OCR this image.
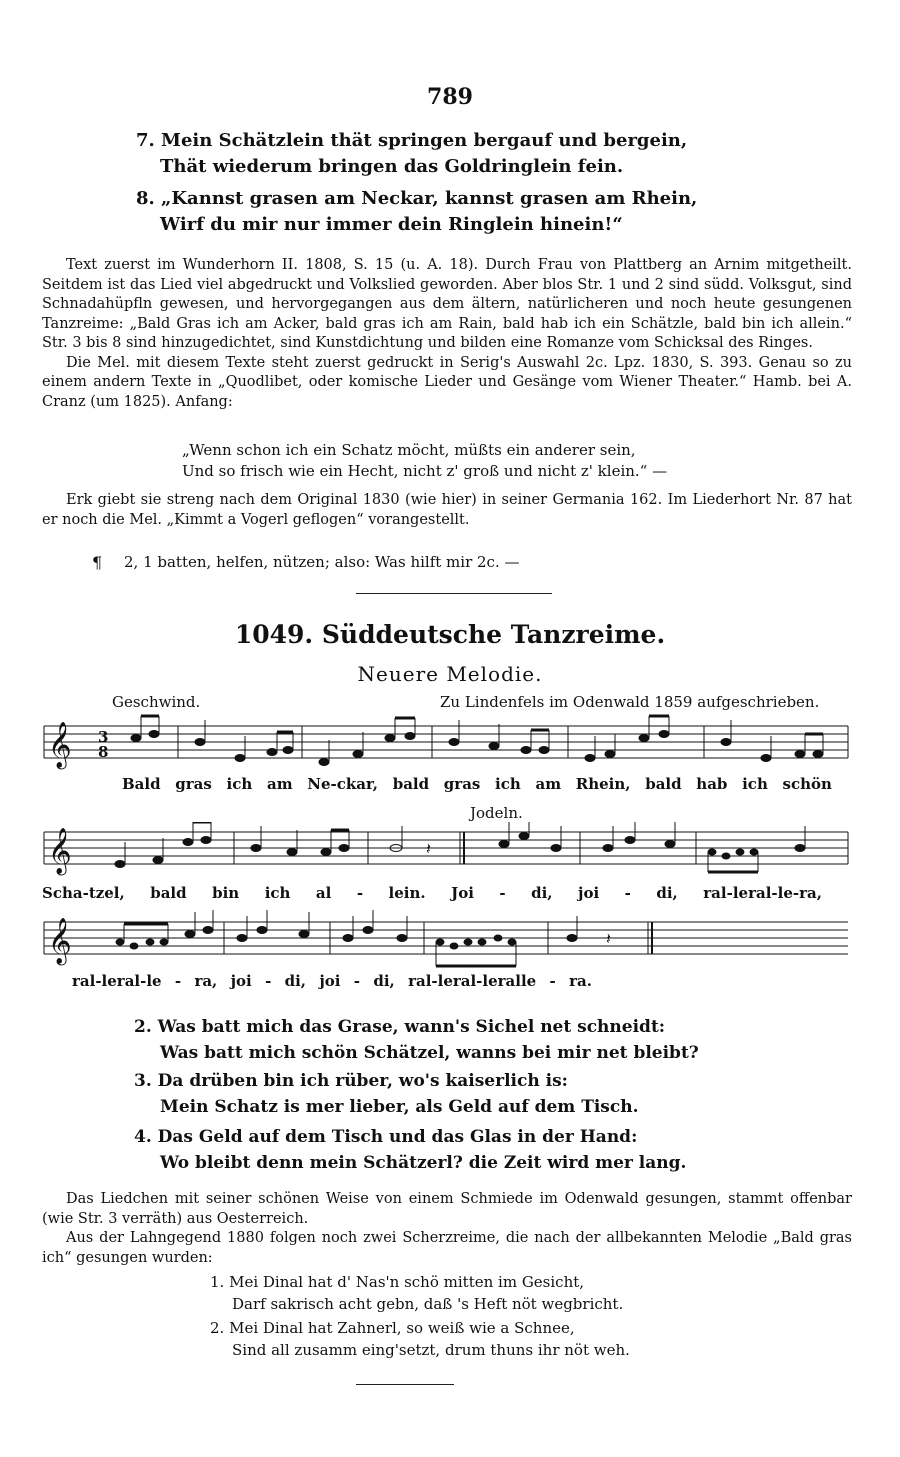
789
7. Mein Schätzlein thät springen bergauf und bergein,
Thät wiederum bringen das Goldringlein fein.
8. „Kannst grasen am Neckar, kannst grasen am Rhein,
Wirf du mir nur immer dein Ringlein hinein!“

Text zuerst im Wunderhorn II. 1808, S. 15 (u. A. 18). Durch Frau von Plattberg an Arnim mitgetheilt. Seitdem ist das Lied viel abgedruckt und Volkslied geworden. Aber blos Str. 1 und 2 sind südd. Volksgut, sind Schnadahüpfln gewesen, und hervorgegangen aus dem ältern, natürlicheren und noch heute gesungenen Tanzreime: „Bald Gras ich am Acker, bald gras ich am Rain, bald hab ich ein Schätzle, bald bin ich allein.“ Str. 3 bis 8 sind hinzugedichtet, sind Kunstdichtung und bilden eine Romanze vom Schicksal des Ringes.

Die Mel. mit diesem Texte steht zuerst gedruckt in Serig's Auswahl 2c. Lpz. 1830, S. 393. Genau so zu einem andern Texte in „Quodlibet, oder komische Lieder und Gesänge vom Wiener Theater.“ Hamb. bei A. Cranz (um 1825). Anfang:

„Wenn schon ich ein Schatz möcht, müßts ein anderer sein,
Und so frisch wie ein Hecht, nicht z' groß und nicht z' klein.“ —

Erk giebt sie streng nach dem Original 1830 (wie hier) in seiner Germania 162. Im Liederhort Nr. 87 hat er noch die Mel. „Kimmt a Vogerl geflogen“ vorangestellt.

¶ 2, 1 batten, helfen, nützen; also: Was hilft mir 2c. —
1049. Süddeutsche Tanzreime.
Neuere Melodie.
Geschwind.	Zu Lindenfels im Odenwald 1859 aufgeschrieben.
𝄞 3
8
Bald gras ich am Ne-ckar, bald gras ich am Rhein, bald hab ich schön
Jodeln.
𝄞	𝄽
Scha-tzel, bald bin ich al - lein. Joi - di, joi - di, ral-leral-le-ra,
𝄞	𝄽
ral-leral-le - ra, joi - di, joi - di, ral-leral-leralle - ra.
2. Was batt mich das Grase, wann's Sichel net schneidt:
Was batt mich schön Schätzel, wanns bei mir net bleibt?
3. Da drüben bin ich rüber, wo's kaiserlich is:
Mein Schatz is mer lieber, als Geld auf dem Tisch.
4. Das Geld auf dem Tisch und das Glas in der Hand:
Wo bleibt denn mein Schätzerl? die Zeit wird mer lang.

Das Liedchen mit seiner schönen Weise von einem Schmiede im Odenwald gesungen, stammt offenbar (wie Str. 3 verräth) aus Oesterreich.

Aus der Lahngegend 1880 folgen noch zwei Scherzreime, die nach der allbekannten Melodie „Bald gras ich“ gesungen wurden:

1. Mei Dinal hat d' Nas'n schö mitten im Gesicht,
Darf sakrisch acht gebn, daß 's Heft nöt wegbricht.
2. Mei Dinal hat Zahnerl, so weiß wie a Schnee,
Sind all zusamm eing'setzt, drum thuns ihr nöt weh.
